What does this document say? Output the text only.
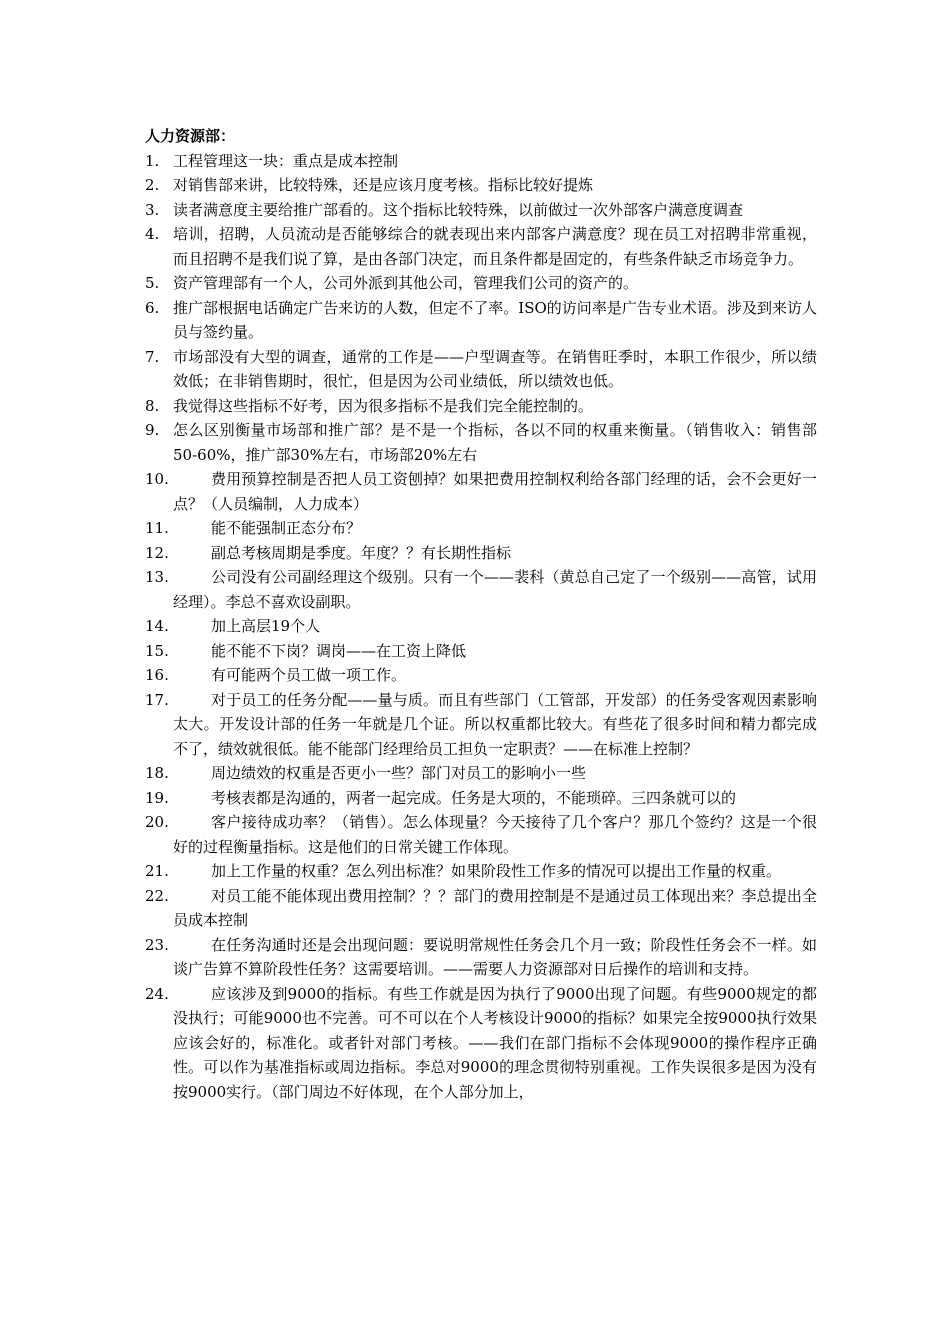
人力资源部：

1. 工程管理这一块：重点是成本控制
2. 对销售部来讲，比较特殊，还是应该月度考核。指标比较好提炼
3. 读者满意度主要给推广部看的。这个指标比较特殊，以前做过一次外部客户满意度调查
4. 培训，招聘，人员流动是否能够综合的就表现出来内部客户满意度？现在员工对招聘非常重视，而且招聘不是我们说了算，是由各部门决定，而且条件都是固定的，有些条件缺乏市场竞争力。
5. 资产管理部有一个人，公司外派到其他公司，管理我们公司的资产的。
6. 推广部根据电话确定广告来访的人数，但定不了率。ISO的访问率是广告专业术语。涉及到来访人员与签约量。
7. 市场部没有大型的调查，通常的工作是——户型调查等。在销售旺季时，本职工作很少，所以绩效低；在非销售期时，很忙，但是因为公司业绩低，所以绩效也低。
8. 我觉得这些指标不好考，因为很多指标不是我们完全能控制的。
9. 怎么区别衡量市场部和推广部？是不是一个指标，各以不同的权重来衡量。（销售收入：销售部50-60%，推广部30%左右，市场部20%左右
10.	费用预算控制是否把人员工资刨掉？如果把费用控制权利给各部门经理的话，会不会更好一点？（人员编制，人力成本）
11.	能不能强制正态分布？
12.	副总考核周期是季度。年度？？有长期性指标
13.	公司没有公司副经理这个级别。只有一个——裴科（黄总自己定了一个级别——高管，试用经理）。李总不喜欢设副职。
14.	加上高层19个人
15.	能不能不下岗？调岗——在工资上降低
16.	有可能两个员工做一项工作。
17.	对于员工的任务分配——量与质。而且有些部门（工管部，开发部）的任务受客观因素影响太大。开发设计部的任务一年就是几个证。所以权重都比较大。有些花了很多时间和精力都完成不了，绩效就很低。能不能部门经理给员工担负一定职责？——在标准上控制？
18.	周边绩效的权重是否更小一些？部门对员工的影响小一些
19.	考核表都是沟通的，两者一起完成。任务是大项的，不能琐碎。三四条就可以的
20.	客户接待成功率？（销售）。怎么体现量？今天接待了几个客户？那几个签约？这是一个很好的过程衡量指标。这是他们的日常关键工作体现。
21.	加上工作量的权重？怎么列出标准？如果阶段性工作多的情况可以提出工作量的权重。
22.	对员工能不能体现出费用控制？？？部门的费用控制是不是通过员工体现出来？李总提出全员成本控制
23.	在任务沟通时还是会出现问题：要说明常规性任务会几个月一致；阶段性任务会不一样。如谈广告算不算阶段性任务？这需要培训。——需要人力资源部对日后操作的培训和支持。
24.	应该涉及到9000的指标。有些工作就是因为执行了9000出现了问题。有些9000规定的都没执行；可能9000也不完善。可不可以在个人考核设计9000的指标？如果完全按9000执行效果应该会好的，标准化。或者针对部门考核。——我们在部门指标不会体现9000的操作程序正确性。可以作为基准指标或周边指标。李总对9000的理念贯彻特别重视。工作失误很多是因为没有按9000实行。（部门周边不好体现，在个人部分加上，
